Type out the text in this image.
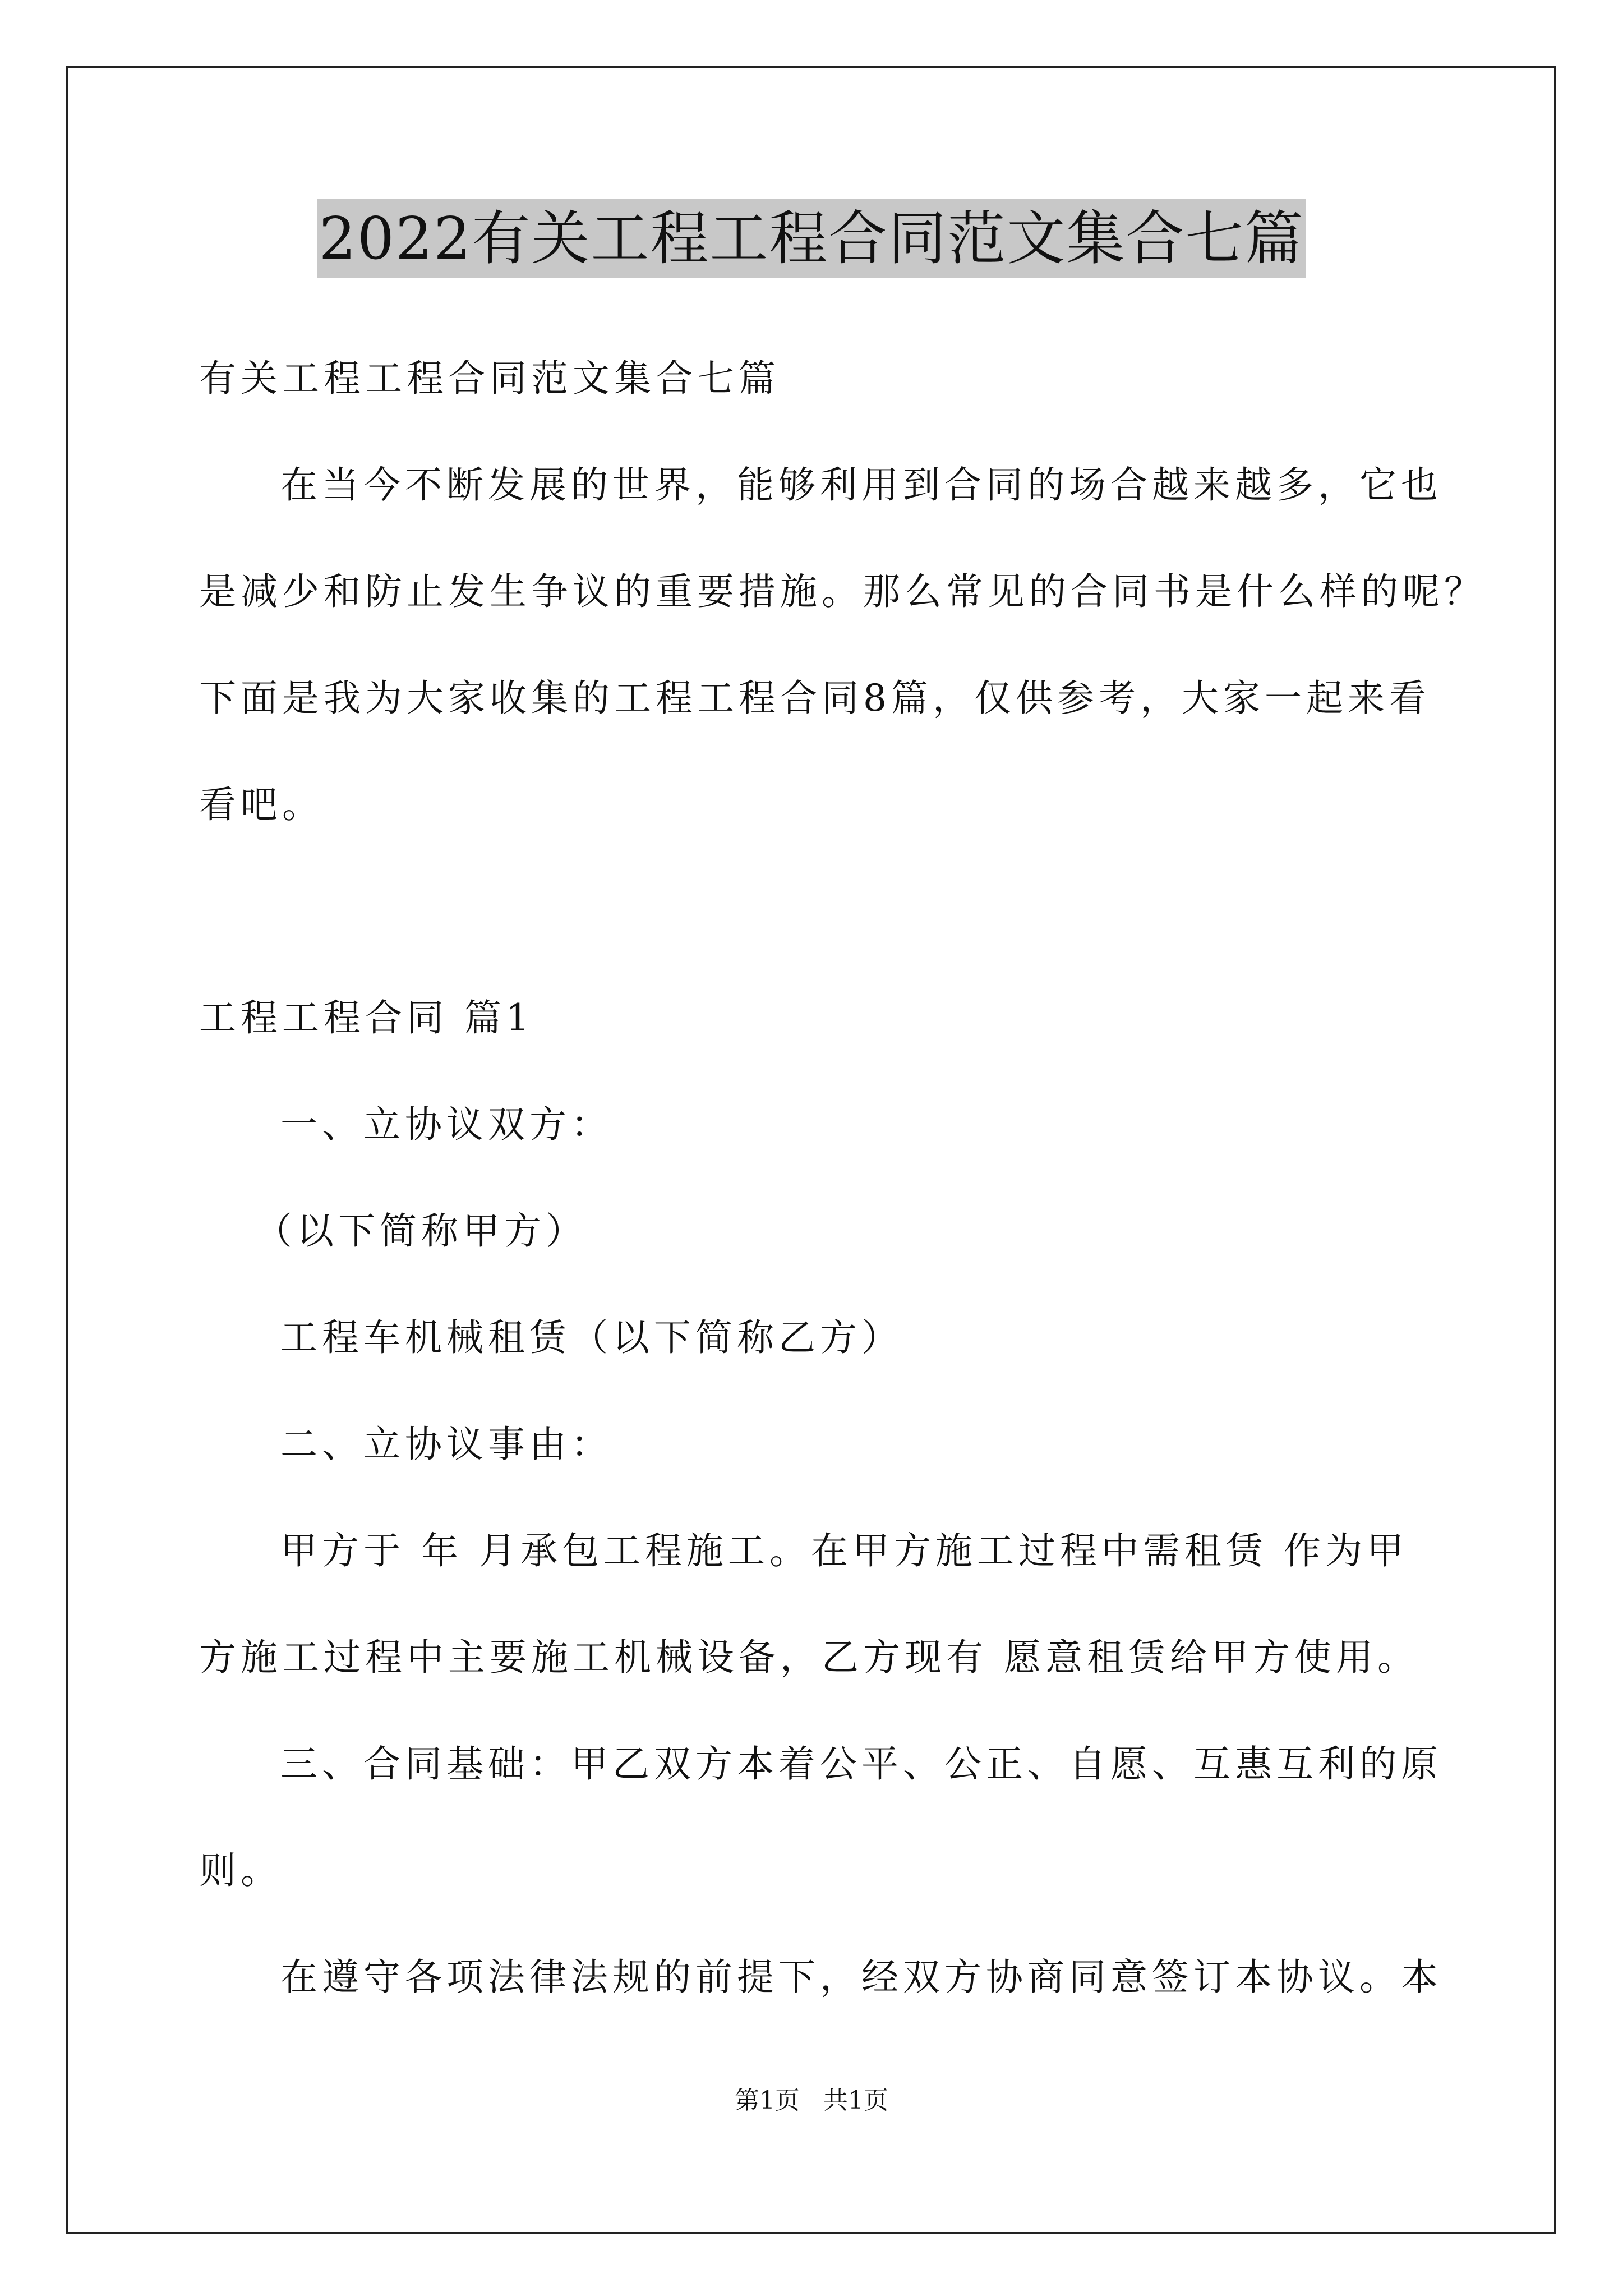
2022有关工程工程合同范文集合七篇
有关工程工程合同范文集合七篇
在当今不断发展的世界，能够利用到合同的场合越来越多，它也
是减少和防止发生争议的重要措施。那么常见的合同书是什么样的呢？
下面是我为大家收集的工程工程合同8篇，仅供参考，大家一起来看
看吧。
工程工程合同 篇1
一、立协议双方：
（以下简称甲方）
工程车机械租赁（以下简称乙方）
二、立协议事由：
甲方于 年 月承包工程施工。在甲方施工过程中需租赁 作为甲
方施工过程中主要施工机械设备，乙方现有 愿意租赁给甲方使用。
三、合同基础：甲乙双方本着公平、公正、自愿、互惠互利的原
则。
在遵守各项法律法规的前提下，经双方协商同意签订本协议。本
第1页   共1页
